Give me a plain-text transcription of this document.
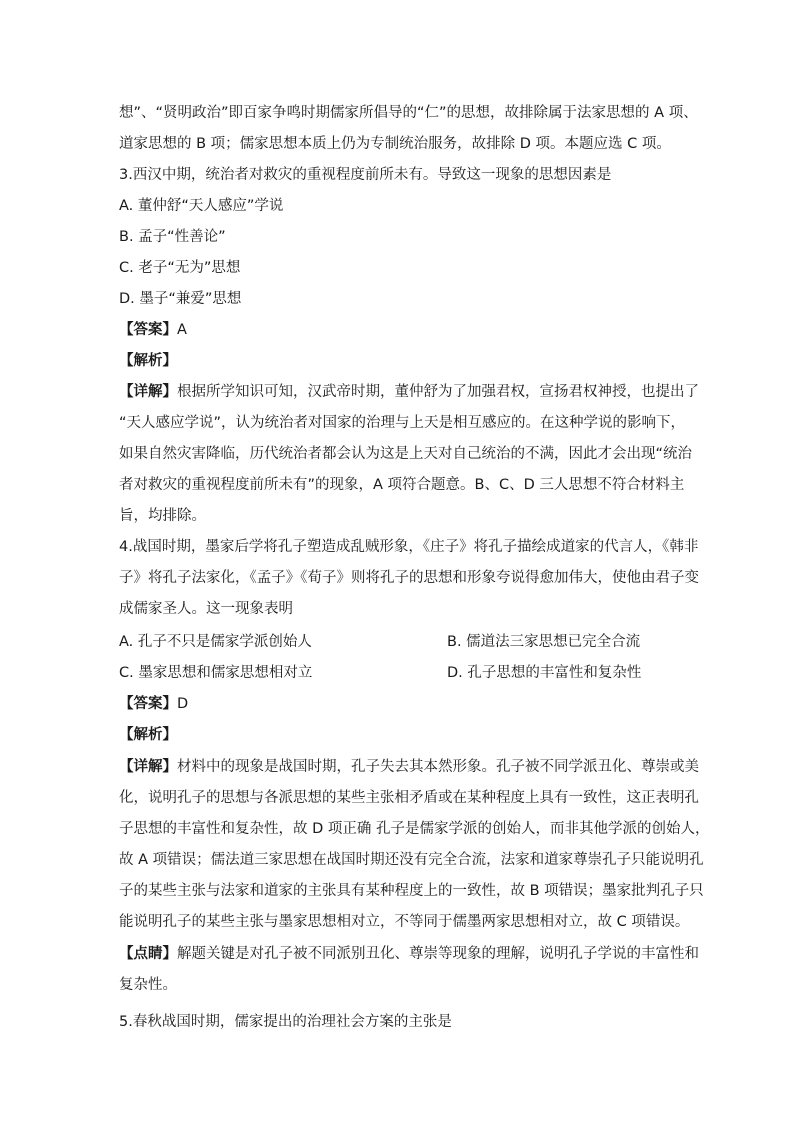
想”、“贤明政治”即百家争鸣时期儒家所倡导的“仁”的思想，故排除属于法家思想的 A 项、
道家思想的 B 项；儒家思想本质上仍为专制统治服务，故排除 D 项。本题应选 C 项。
3.西汉中期，统治者对救灾的重视程度前所未有。导致这一现象的思想因素是
A. 董仲舒“天人感应”学说
B. 孟子“性善论”
C. 老子“无为”思想
D. 墨子“兼爱”思想
【答案】A
【解析】
【详解】根据所学知识可知，汉武帝时期，董仲舒为了加强君权，宣扬君权神授，也提出了
“天人感应学说”，认为统治者对国家的治理与上天是相互感应的。在这种学说的影响下，
如果自然灾害降临，历代统治者都会认为这是上天对自己统治的不满，因此才会出现“统治
者对救灾的重视程度前所未有”的现象，A 项符合题意。B、C、D 三人思想不符合材料主
旨，均排除。
4.战国时期，墨家后学将孔子塑造成乱贼形象，《庄子》将孔子描绘成道家的代言人，《韩非
子》将孔子法家化，《孟子》《荀子》则将孔子的思想和形象夸说得愈加伟大，使他由君子变
成儒家圣人。这一现象表明
A. 孔子不只是儒家学派创始人	B. 儒道法三家思想已完全合流
C. 墨家思想和儒家思想相对立	D. 孔子思想的丰富性和复杂性
【答案】D
【解析】
【详解】材料中的现象是战国时期，孔子失去其本然形象。孔子被不同学派丑化、尊崇或美
化，说明孔子的思想与各派思想的某些主张相矛盾或在某种程度上具有一致性，这正表明孔
子思想的丰富性和复杂性，故 D 项正确 孔子是儒家学派的创始人，而非其他学派的创始人，
故 A 项错误；儒法道三家思想在战国时期还没有完全合流，法家和道家尊崇孔子只能说明孔
子的某些主张与法家和道家的主张具有某种程度上的一致性，故 B 项错误；墨家批判孔子只
能说明孔子的某些主张与墨家思想相对立，不等同于儒墨两家思想相对立，故 C 项错误。
【点睛】解题关键是对孔子被不同派别丑化、尊崇等现象的理解，说明孔子学说的丰富性和
复杂性。
5.春秋战国时期，儒家提出的治理社会方案的主张是
